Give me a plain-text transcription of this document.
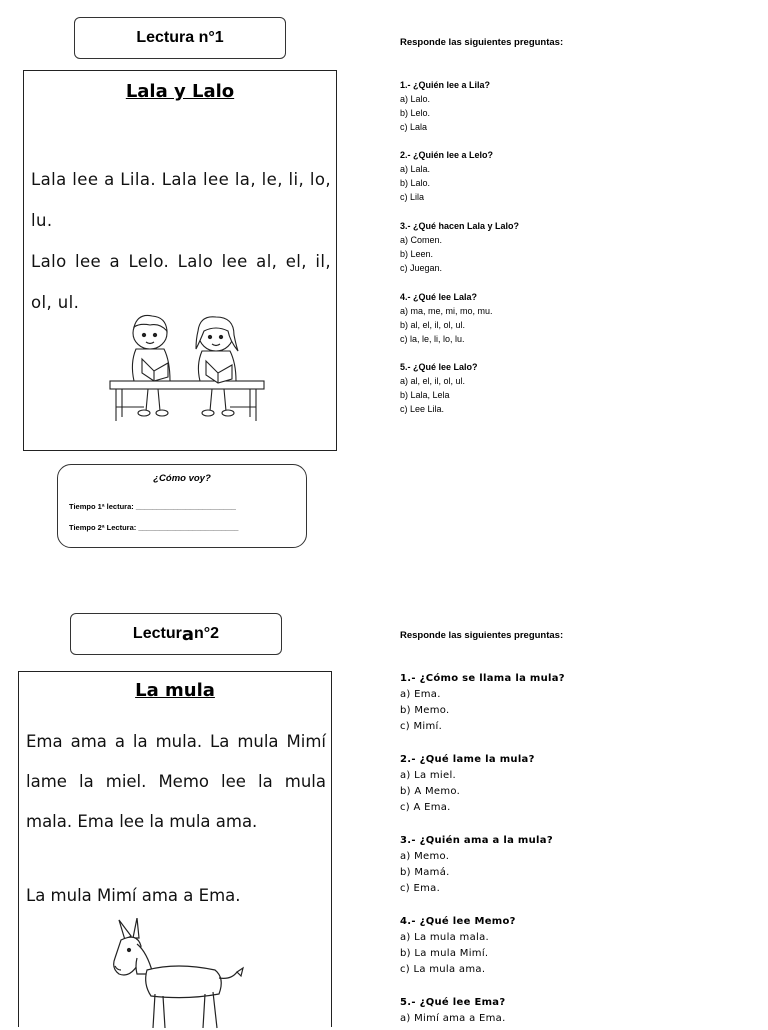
Lectura n°1
Lala y Lalo

Lala lee a Lila. Lala lee la, le, li, lo, lu.

Lalo lee a Lelo. Lalo lee al, el, il, ol, ul.

¿Cómo voy?
Tiempo 1ª lectura: ________________________
Tiempo 2ª Lectura: ________________________
Responde las siguientes preguntas:
1.- ¿Quién lee a Lila?
a) Lalo.
b) Lelo.
c) Lala
2.- ¿Quién lee a Lelo?
a) Lala.
b) Lalo.
c) Lila
3.- ¿Qué hacen Lala y Lalo?
a) Comen.
b) Leen.
c) Juegan.
4.- ¿Qué lee Lala?
a) ma, me, mi, mo, mu.
b) al, el, il, ol, ul.
c) la, le, li, lo, lu.
5.- ¿Qué lee Lalo?
a) al, el, il, ol, ul.
b) Lala, Lela
c) Lee Lila.
Lectur a n°2
La mula

Ema ama a la mula. La mula Mimí lame la miel. Memo lee la mula mala. Ema lee la mula ama.

La mula Mimí ama a Ema.

Responde las siguientes preguntas:
1.- ¿Cómo se llama la mula?
a) Ema.
b) Memo.
c) Mimí.
2.- ¿Qué lame la mula?
a) La miel.
b) A Memo.
c) A Ema.
3.- ¿Quién ama a la mula?
a) Memo.
b) Mamá.
c) Ema.
4.- ¿Qué lee Memo?
a) La mula mala.
b) La mula Mimí.
c) La mula ama.
5.- ¿Qué lee Ema?
a) Mimí ama a Ema.
